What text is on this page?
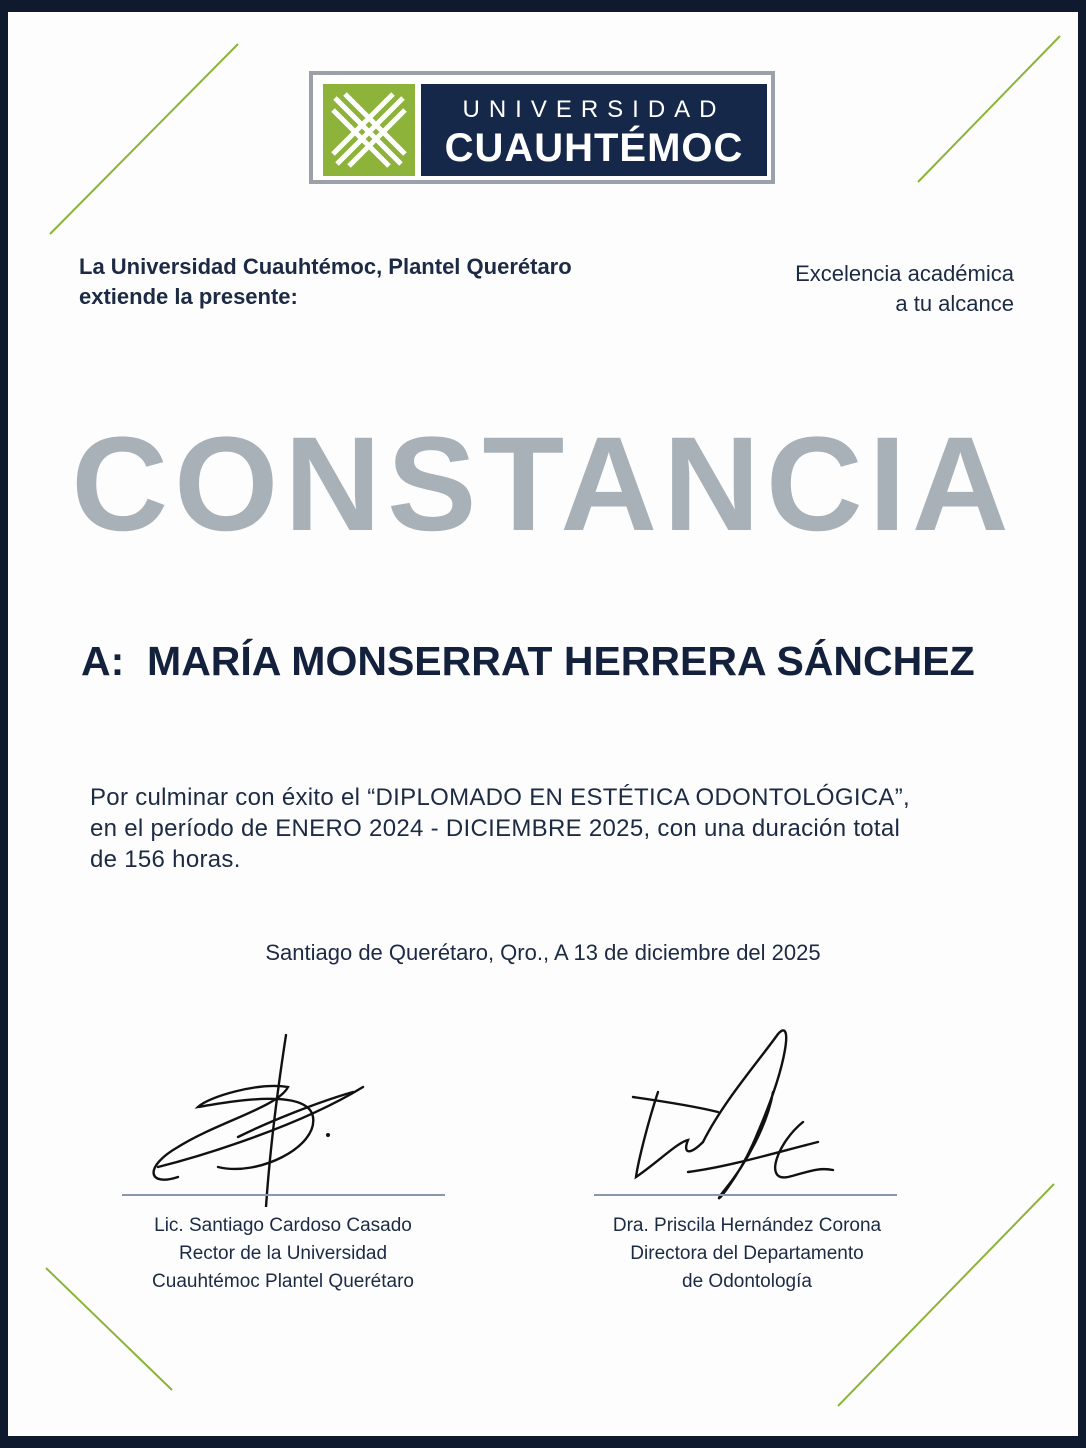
UNIVERSIDAD
CUAUHTÉMOC
La Universidad Cuauhtémoc, Plantel Querétaro
extiende la presente:
Excelencia académica
a tu alcance
CONSTANCIA
A:  MARÍA MONSERRAT HERRERA SÁNCHEZ
Por culminar con éxito el “DIPLOMADO EN ESTÉTICA ODONTOLÓGICA”,
en el período de ENERO 2024 - DICIEMBRE 2025, con una duración total
de 156 horas.
Santiago de Querétaro, Qro., A 13 de diciembre del 2025
Lic. Santiago Cardoso Casado
Rector de la Universidad
Cuauhtémoc Plantel Querétaro
Dra. Priscila Hernández Corona
Directora del Departamento
de Odontología
